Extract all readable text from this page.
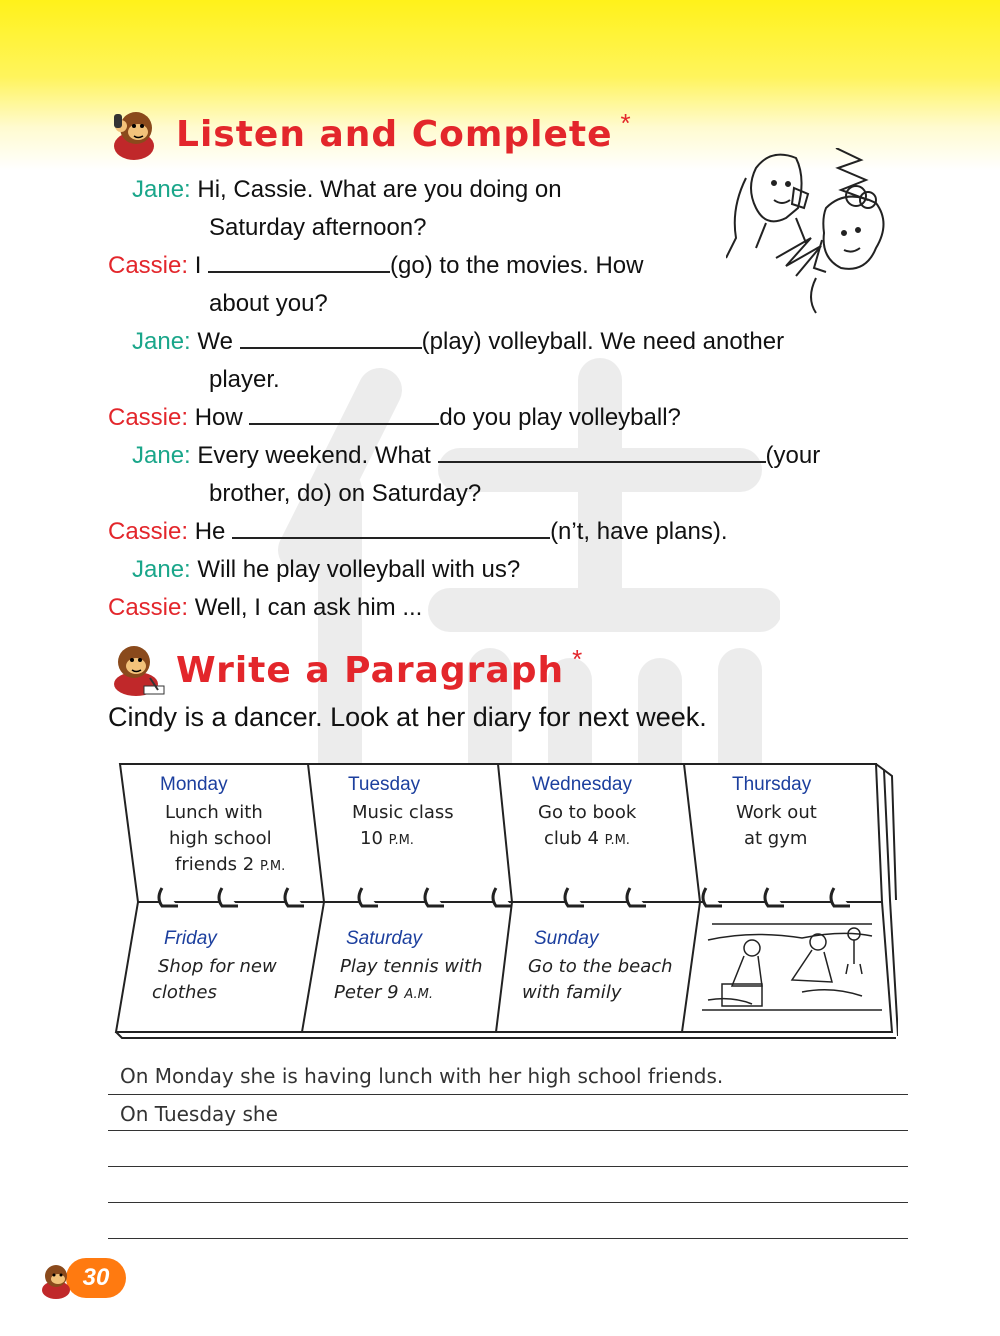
Listen and Complete *
Jane: Hi, Cassie. What are you doing on
Saturday afternoon?
Cassie: I	(go) to the movies. How
about you?
Jane: We	(play) volleyball. We need another
player.
Cassie: How	do you play volleyball?
Jane: Every weekend. What	(your
brother, do) on Saturday?
Cassie: He	(n’t, have plans).
Jane: Will he play volleyball with us?
Cassie: Well, I can ask him ...
Write a Paragraph *
Cindy is a dancer. Look at her diary for next week.
Monday
Lunch with
high school
friends 2 P.M.
Tuesday
Music class
10 P.M.
Wednesday
Go to book
club 4 P.M.
Thursday
Work out
at gym
Friday
Shop for new
clothes
Saturday
Play tennis with
Peter 9 A.M.
Sunday
Go to the beach
with family
On Monday she is having lunch with her high school friends.
On Tuesday she
30
